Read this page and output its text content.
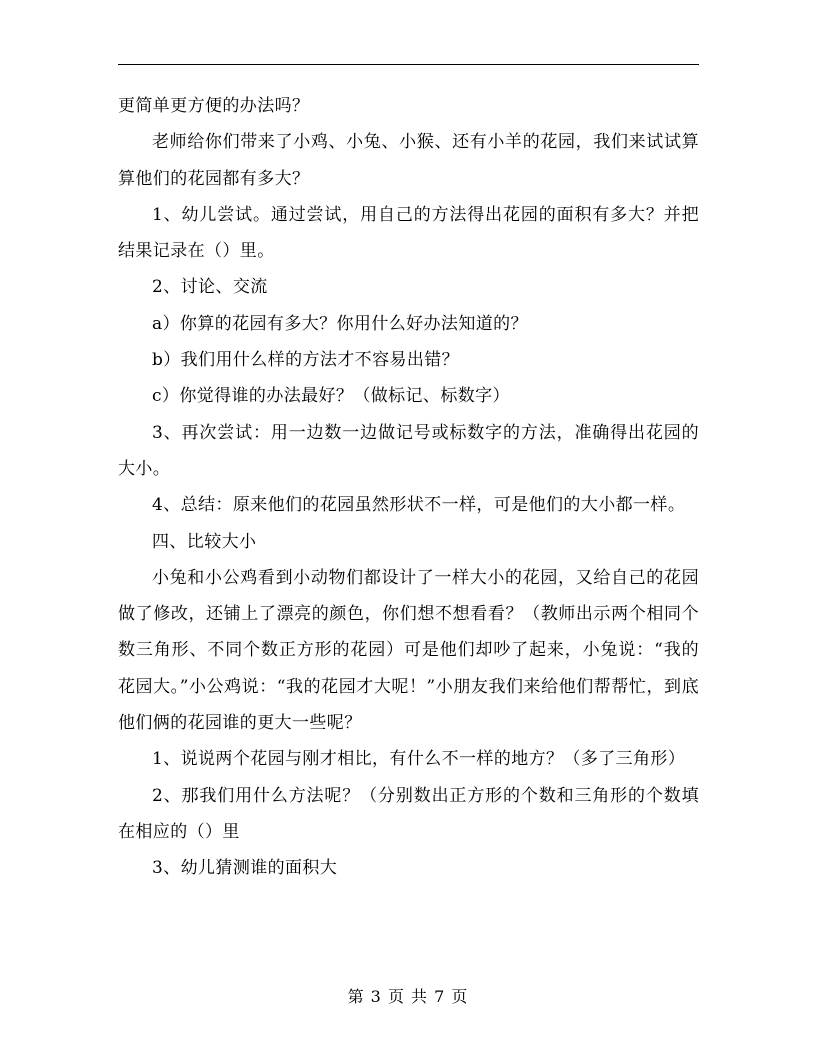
更简单更方便的办法吗？

老师给你们带来了小鸡、小兔、小猴、还有小羊的花园，我们来试试算算他们的花园都有多大？

1、幼儿尝试。通过尝试，用自己的方法得出花园的面积有多大？并把结果记录在（）里。

2、讨论、交流

a）你算的花园有多大？你用什么好办法知道的？

b）我们用什么样的方法才不容易出错？

c）你觉得谁的办法最好？（做标记、标数字）

3、再次尝试：用一边数一边做记号或标数字的方法，准确得出花园的大小。

4、总结：原来他们的花园虽然形状不一样，可是他们的大小都一样。

四、比较大小

小兔和小公鸡看到小动物们都设计了一样大小的花园，又给自己的花园做了修改，还铺上了漂亮的颜色，你们想不想看看？（教师出示两个相同个数三角形、不同个数正方形的花园）可是他们却吵了起来，小兔说：“我的花园大。”小公鸡说：“我的花园才大呢！”小朋友我们来给他们帮帮忙，到底他们俩的花园谁的更大一些呢？

1、说说两个花园与刚才相比，有什么不一样的地方？（多了三角形）

2、那我们用什么方法呢？（分别数出正方形的个数和三角形的个数填在相应的（）里

3、幼儿猜测谁的面积大

第 3 页 共 7 页
